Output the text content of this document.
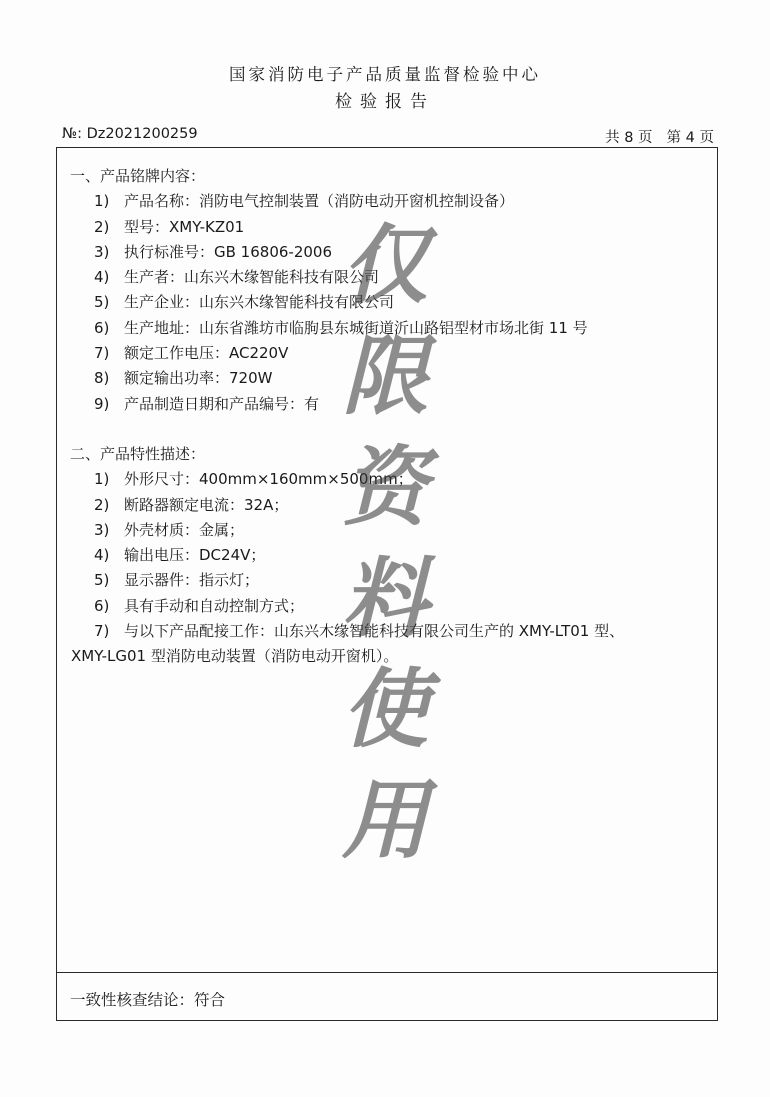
国家消防电子产品质量监督检验中心
检验报告
№: Dz2021200259	共 8 页 第 4 页
一、产品铭牌内容：
1) 产品名称：消防电气控制装置（消防电动开窗机控制设备）
2) 型号：XMY-KZ01
3) 执行标准号：GB 16806-2006
4) 生产者：山东兴木缘智能科技有限公司
5) 生产企业：山东兴木缘智能科技有限公司
6) 生产地址：山东省潍坊市临朐县东城街道沂山路铝型材市场北街 11 号
7) 额定工作电压：AC220V
8) 额定输出功率：720W
9) 产品制造日期和产品编号：有
二、产品特性描述：
1) 外形尺寸：400mm×160mm×500mm；
2) 断路器额定电流：32A；
3) 外壳材质：金属；
4) 输出电压：DC24V；
5) 显示器件：指示灯；
6) 具有手动和自动控制方式；
7) 与以下产品配接工作：山东兴木缘智能科技有限公司生产的 XMY-LT01 型、
XMY-LG01 型消防电动装置（消防电动开窗机）。
一致性核查结论：符合
仅
限
资
料
使
用
